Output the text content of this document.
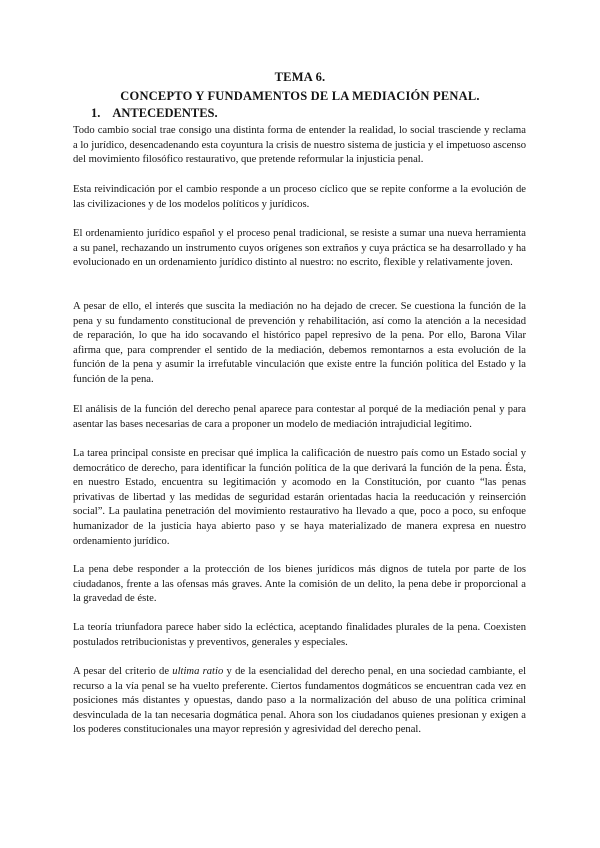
TEMA 6.
CONCEPTO Y FUNDAMENTOS DE LA MEDIACIÓN PENAL.
1. ANTECEDENTES.

Todo cambio social trae consigo una distinta forma de entender la realidad, lo social trasciende y reclama a lo jurídico, desencadenando esta coyuntura la crisis de nuestro sistema de justicia y el impetuoso ascenso del movimiento filosófico restaurativo, que pretende reformular la injusticia penal.

Esta reivindicación por el cambio responde a un proceso cíclico que se repite conforme a la evolución de las civilizaciones y de los modelos políticos y jurídicos.

El ordenamiento jurídico español y el proceso penal tradicional, se resiste a sumar una nueva herramienta a su panel, rechazando un instrumento cuyos orígenes son extraños y cuya práctica se ha desarrollado y ha evolucionado en un ordenamiento jurídico distinto al nuestro: no escrito, flexible y relativamente joven.

A pesar de ello, el interés que suscita la mediación no ha dejado de crecer. Se cuestiona la función de la pena y su fundamento constitucional de prevención y rehabilitación, así como la atención a la necesidad de reparación, lo que ha ido socavando el histórico papel represivo de la pena. Por ello, Barona Vilar afirma que, para comprender el sentido de la mediación, debemos remontarnos a esta evolución de la función de la pena y asumir la irrefutable vinculación que existe entre la función política del Estado y la función de la pena.

El análisis de la función del derecho penal aparece para contestar al porqué de la mediación penal y para asentar las bases necesarias de cara a proponer un modelo de mediación intrajudicial legítimo.

La tarea principal consiste en precisar qué implica la calificación de nuestro país como un Estado social y democrático de derecho, para identificar la función política de la que derivará la función de la pena. Ésta, en nuestro Estado, encuentra su legitimación y acomodo en la Constitución, por cuanto “las penas privativas de libertad y las medidas de seguridad estarán orientadas hacia la reeducación y reinserción social”. La paulatina penetración del movimiento restaurativo ha llevado a que, poco a poco, su enfoque humanizador de la justicia haya abierto paso y se haya materializado de manera expresa en nuestro ordenamiento jurídico.

La pena debe responder a la protección de los bienes jurídicos más dignos de tutela por parte de los ciudadanos, frente a las ofensas más graves. Ante la comisión de un delito, la pena debe ir proporcional a la gravedad de éste.

La teoría triunfadora parece haber sido la ecléctica, aceptando finalidades plurales de la pena. Coexisten postulados retribucionistas y preventivos, generales y especiales.

A pesar del criterio de ultima ratio y de la esencialidad del derecho penal, en una sociedad cambiante, el recurso a la vía penal se ha vuelto preferente. Ciertos fundamentos dogmáticos se encuentran cada vez en posiciones más distantes y opuestas, dando paso a la normalización del abuso de una política criminal desvinculada de la tan necesaria dogmática penal. Ahora son los ciudadanos quienes presionan y exigen a los poderes constitucionales una mayor represión y agresividad del derecho penal.
